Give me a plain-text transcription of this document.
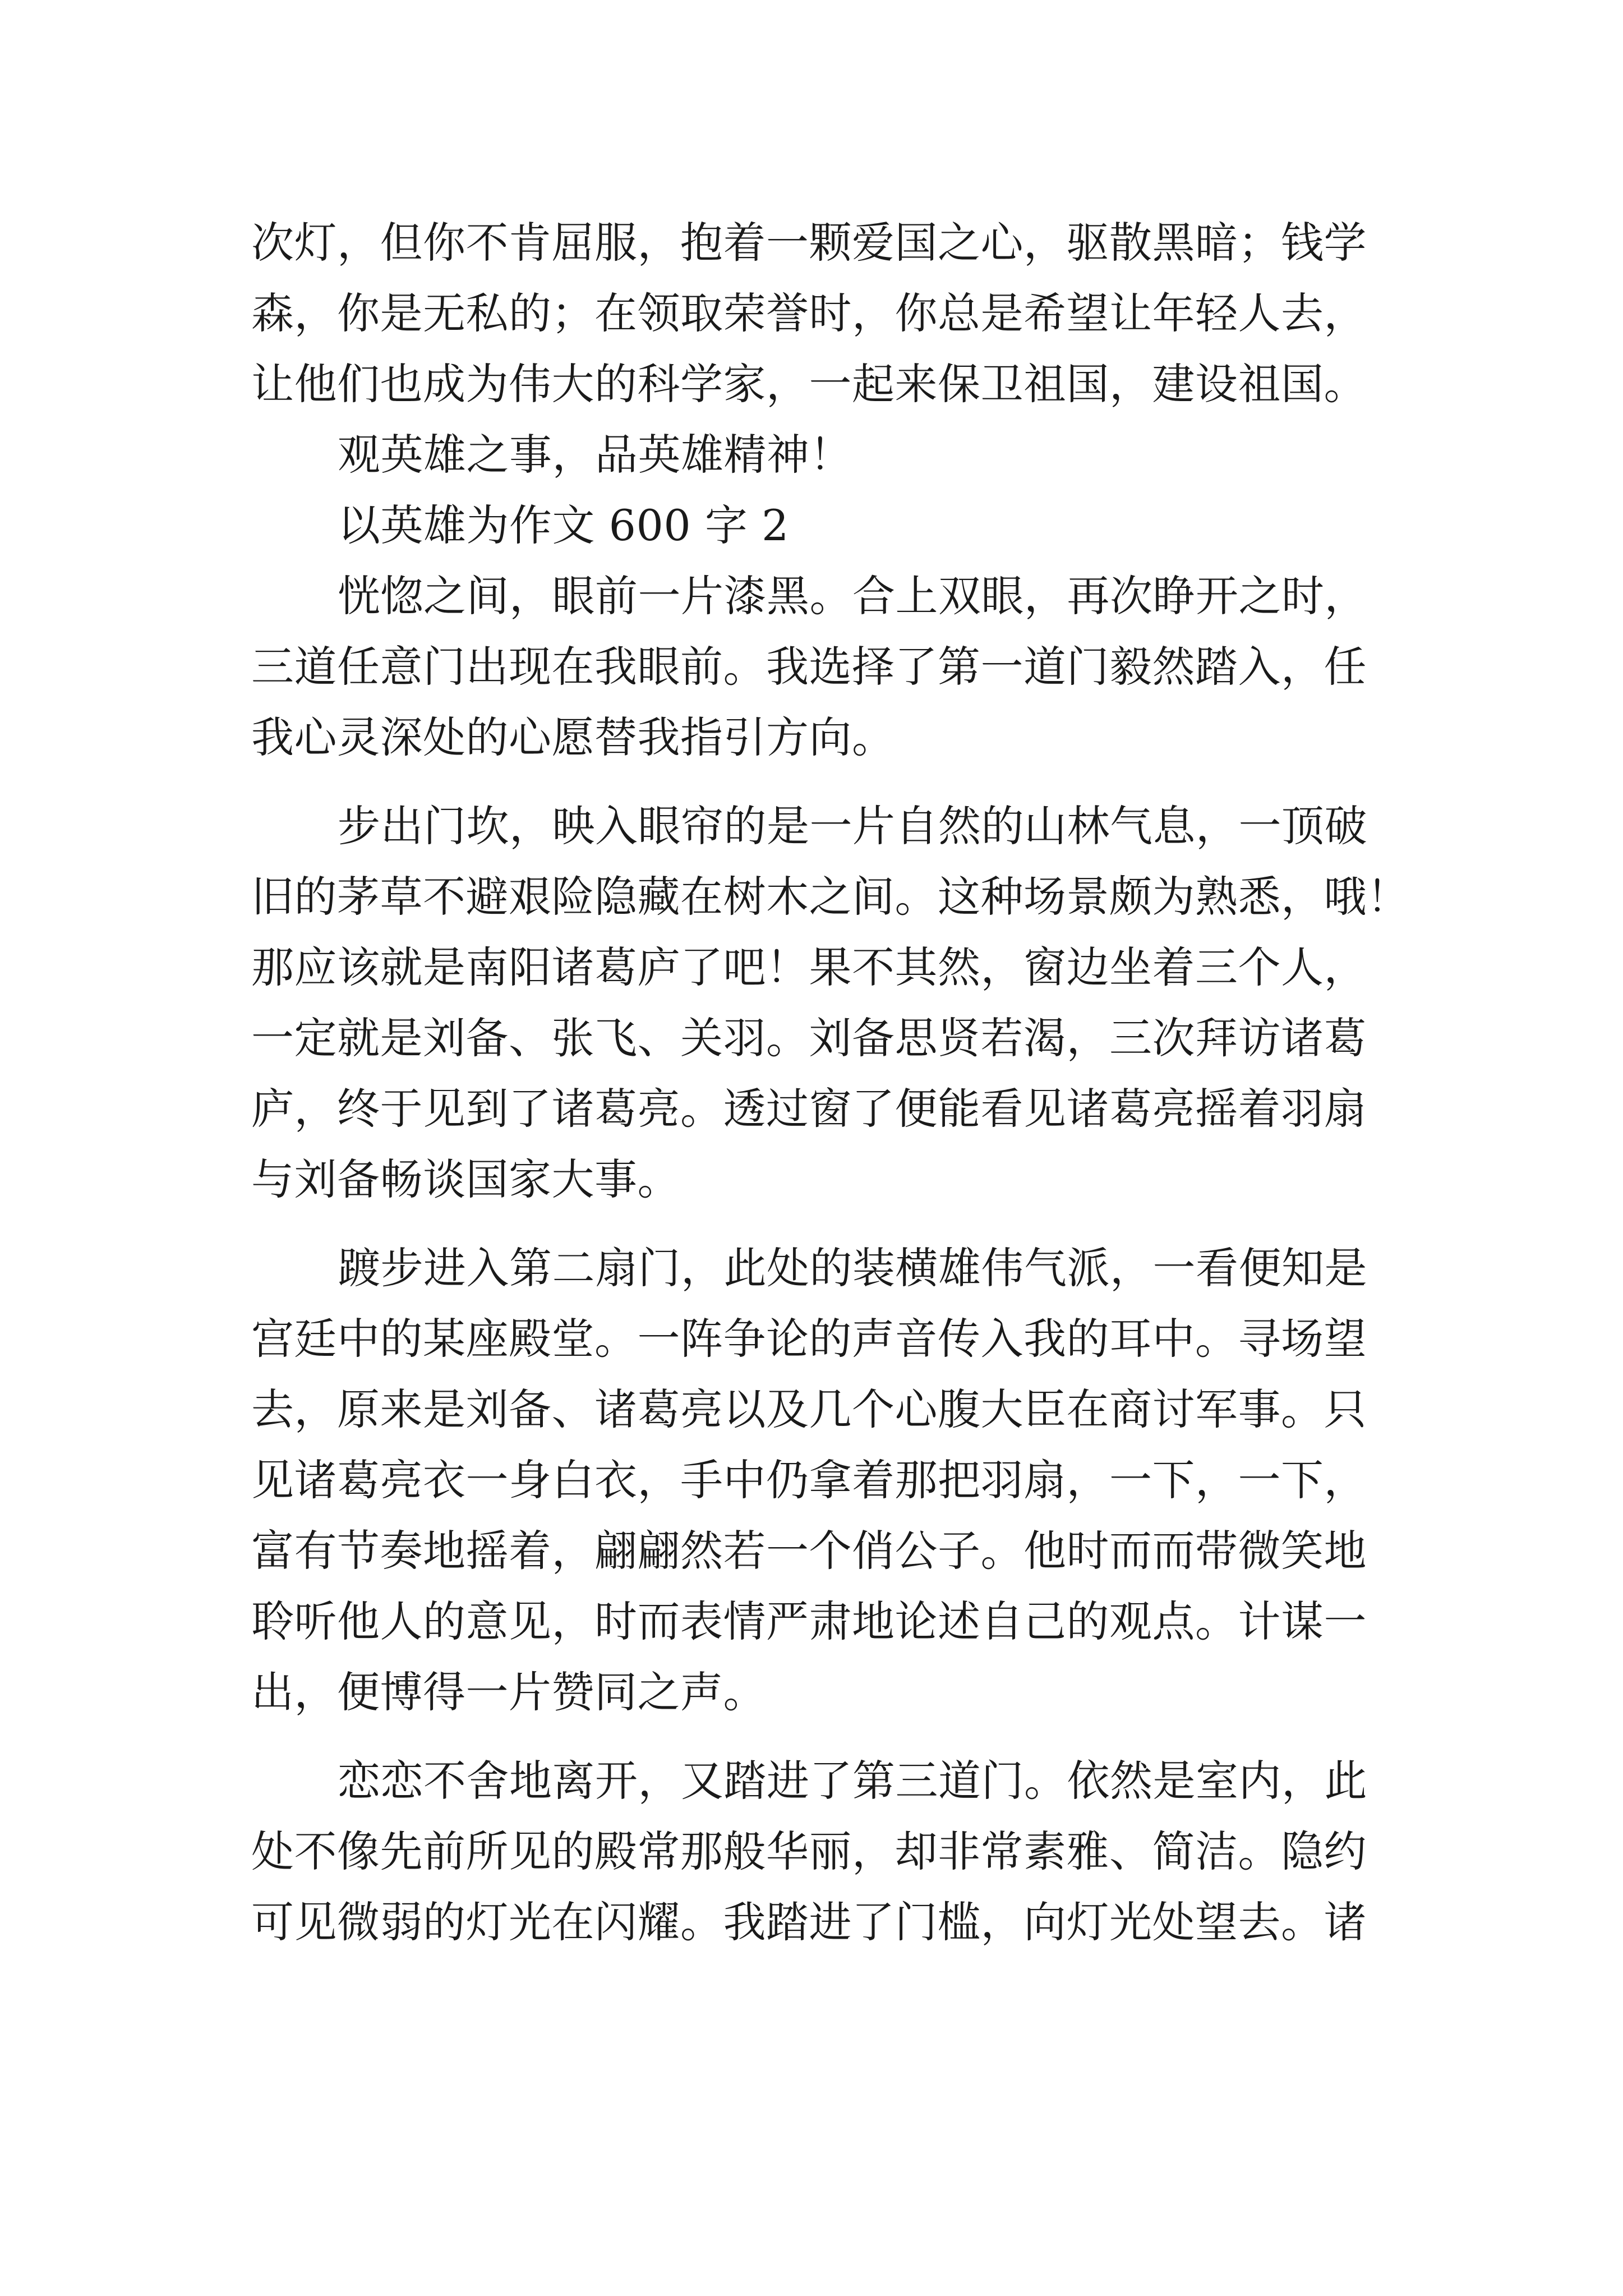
次灯，但你不肯屈服，抱着一颗爱国之心，驱散黑暗；钱学
森，你是无私的；在领取荣誉时，你总是希望让年轻人去，
让他们也成为伟大的科学家，一起来保卫祖国，建设祖国。
观英雄之事，品英雄精神！
以英雄为作文 600 字 2
恍惚之间，眼前一片漆黑。合上双眼，再次睁开之时，
三道任意门出现在我眼前。我选择了第一道门毅然踏入，任
我心灵深处的心愿替我指引方向。
步出门坎，映入眼帘的是一片自然的山林气息，一顶破
旧的茅草不避艰险隐藏在树木之间。这种场景颇为熟悉，哦！
那应该就是南阳诸葛庐了吧！果不其然，窗边坐着三个人，
一定就是刘备、张飞、关羽。刘备思贤若渴，三次拜访诸葛
庐，终于见到了诸葛亮。透过窗了便能看见诸葛亮摇着羽扇
与刘备畅谈国家大事。
踱步进入第二扇门，此处的装横雄伟气派，一看便知是
宫廷中的某座殿堂。一阵争论的声音传入我的耳中。寻场望
去，原来是刘备、诸葛亮以及几个心腹大臣在商讨军事。只
见诸葛亮衣一身白衣，手中仍拿着那把羽扇，一下，一下，
富有节奏地摇着，翩翩然若一个俏公子。他时而而带微笑地
聆听他人的意见，时而表情严肃地论述自己的观点。计谋一
出，便博得一片赞同之声。
恋恋不舍地离开，又踏进了第三道门。依然是室内，此
处不像先前所见的殿常那般华丽，却非常素雅、简洁。隐约
可见微弱的灯光在闪耀。我踏进了门槛，向灯光处望去。诸
